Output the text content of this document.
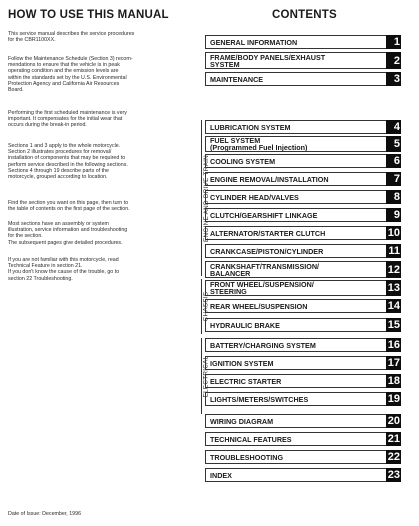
HOW TO USE THIS MANUAL
This service manual describes the service procedures
for the CBR1100XX.
Follow the Maintenance Schedule (Section 3) recom-
mendations to ensure that the vehicle is in peak
operating condition and the emission levels are
within the standards set by the U.S. Environmental
Protection Agency and California Air Resources
Board.
Performing the first scheduled maintenance is very
important. It compensates for the initial wear that
occurs during the break-in period.
Sections 1 and 3 apply to the whole motorcycle.
Section 2 illustrates procedures for removal/
installation of components that may be required to
perform service described in the following sections.
Sections 4 through 19 describe parts of the
motorcycle, grouped according to location.
Find the section you want on this page, then turn to
the table of contents on the first page of the section.
Most sections have an assembly or system
illustration, service information and troubleshooting
for the section.
The subsequent pages give detailed procedures.
If you are not familiar with this motorcycle, read
Technical Feature in section 21.
If you don't know the cause of the trouble, go to
section 22 Troubleshooting.
Date of Issue: December, 1996
CONTENTS
ENGINE AND DRIVE TRAIN
CHASSIS
ELECTRICAL
GENERAL INFORMATION	1
FRAME/BODY PANELS/EXHAUST
SYSTEM	2
MAINTENANCE	3
LUBRICATION SYSTEM	4
FUEL SYSTEM
(Programmed Fuel Injection)	5
COOLING SYSTEM	6
ENGINE REMOVAL/INSTALLATION	7
CYLINDER HEAD/VALVES	8
CLUTCH/GEARSHIFT LINKAGE	9
ALTERNATOR/STARTER CLUTCH	10
CRANKCASE/PISTON/CYLINDER	11
CRANKSHAFT/TRANSMISSION/
BALANCER	12
FRONT WHEEL/SUSPENSION/
STEERING	13
REAR WHEEL/SUSPENSION	14
HYDRAULIC BRAKE	15
BATTERY/CHARGING SYSTEM	16
IGNITION SYSTEM	17
ELECTRIC STARTER	18
LIGHTS/METERS/SWITCHES	19
WIRING DIAGRAM	20
TECHNICAL FEATURES	21
TROUBLESHOOTING	22
INDEX	23
